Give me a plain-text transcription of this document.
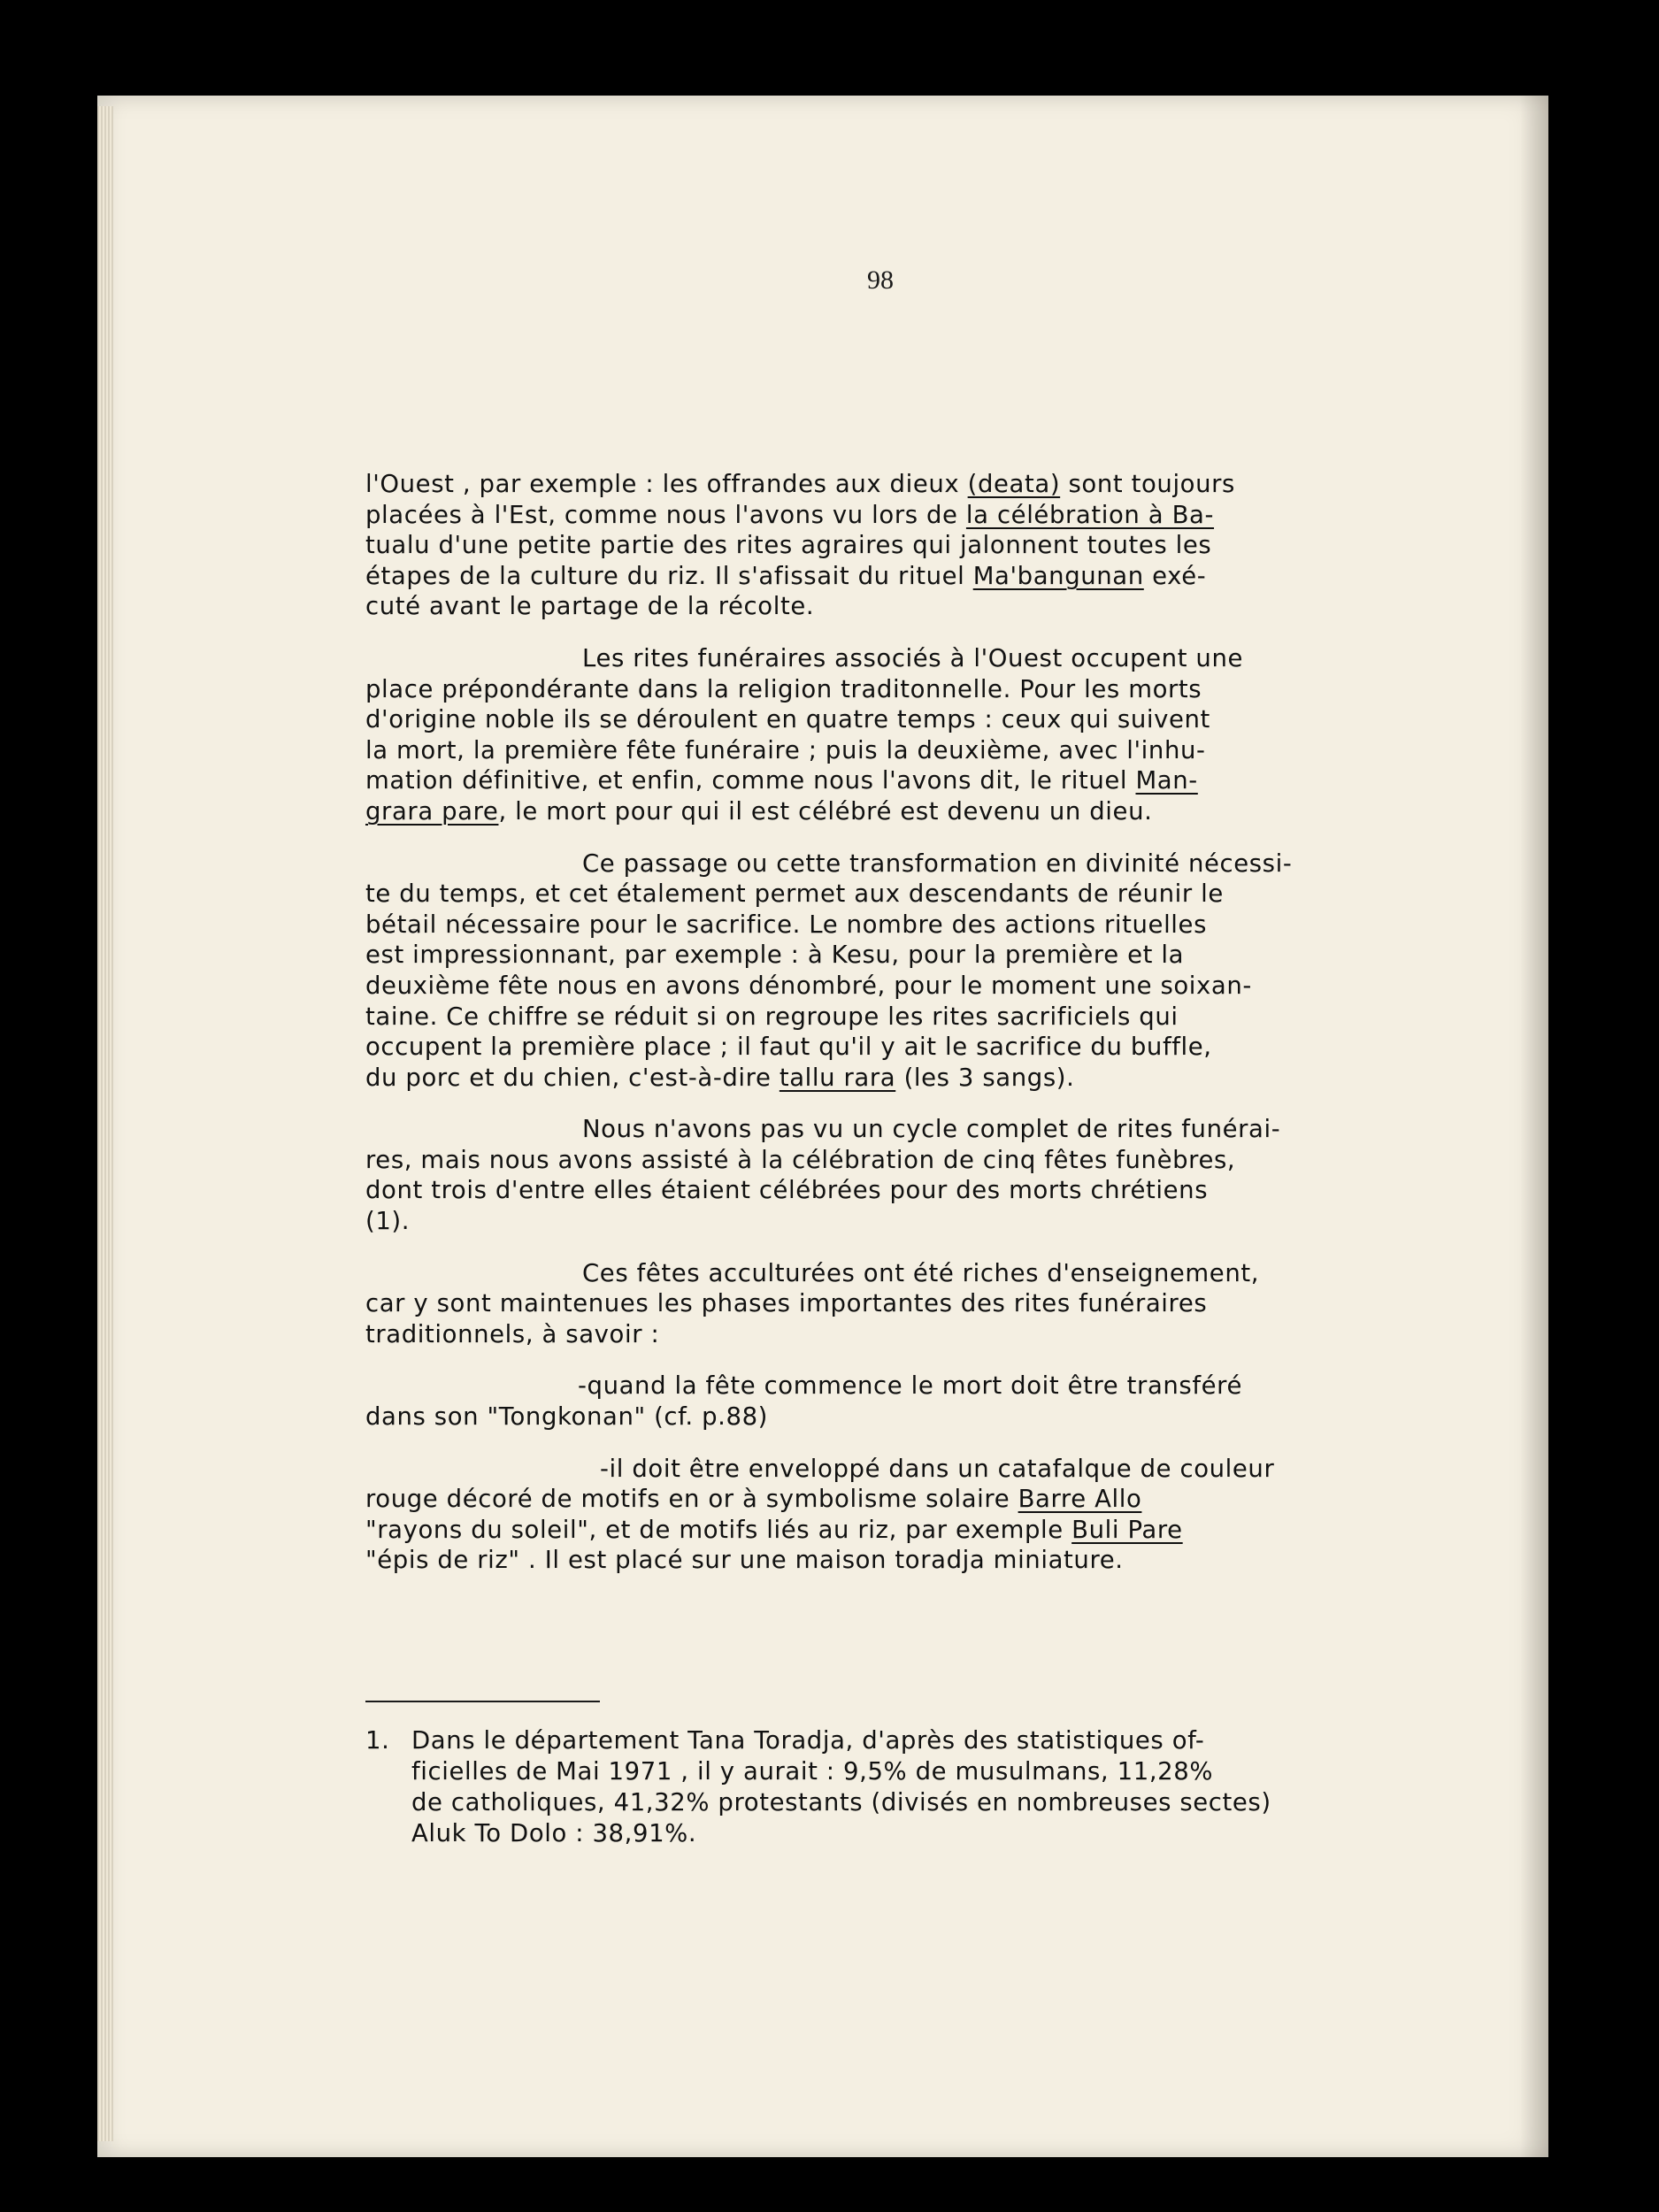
98
l'Ouest , par exemple : les offrandes aux dieux (deata) sont toujours
placées à l'Est, comme nous l'avons vu lors de la célébration à Ba-
tualu d'une petite partie des rites agraires qui jalonnent toutes les
étapes de la culture du riz. Il s'afissait du rituel Ma'bangunan exé-
cuté avant le partage de la récolte.
Les rites funéraires associés à l'Ouest occupent une
place prépondérante dans la religion traditonnelle. Pour les morts
d'origine noble ils se déroulent en quatre temps : ceux qui suivent
la mort, la première fête funéraire ; puis la deuxième, avec l'inhu-
mation définitive, et enfin, comme nous l'avons dit, le rituel Man-
grara pare, le mort pour qui il est célébré est devenu un dieu.
Ce passage ou cette transformation en divinité nécessi-
te du temps, et cet étalement permet aux descendants de réunir le
bétail nécessaire pour le sacrifice. Le nombre des actions rituelles
est impressionnant, par exemple : à Kesu, pour la première et la
deuxième fête nous en avons dénombré, pour le moment une soixan-
taine. Ce chiffre se réduit si on regroupe les rites sacrificiels qui
occupent la première place ; il faut qu'il y ait le sacrifice du buffle,
du porc et du chien, c'est-à-dire tallu rara (les 3 sangs).
Nous n'avons pas vu un cycle complet de rites funérai-
res, mais nous avons assisté à la célébration de cinq fêtes funèbres,
dont trois d'entre elles étaient célébrées pour des morts chrétiens
(1).
Ces fêtes acculturées ont été riches d'enseignement,
car y sont maintenues les phases importantes des rites funéraires
traditionnels, à savoir :
-quand la fête commence le mort doit être transféré
dans son "Tongkonan" (cf. p.88)
-il doit être enveloppé dans un catafalque de couleur
rouge décoré de motifs en or à symbolisme solaire Barre Allo
"rayons du soleil", et de motifs liés au riz, par exemple Buli Pare
"épis de riz" . Il est placé sur une maison toradja miniature.
1.Dans le département Tana Toradja, d'après des statistiques of-
ficielles de Mai 1971 , il y aurait : 9,5% de musulmans, 11,28%
de catholiques, 41,32% protestants (divisés en nombreuses sectes)
Aluk To Dolo : 38,91%.
